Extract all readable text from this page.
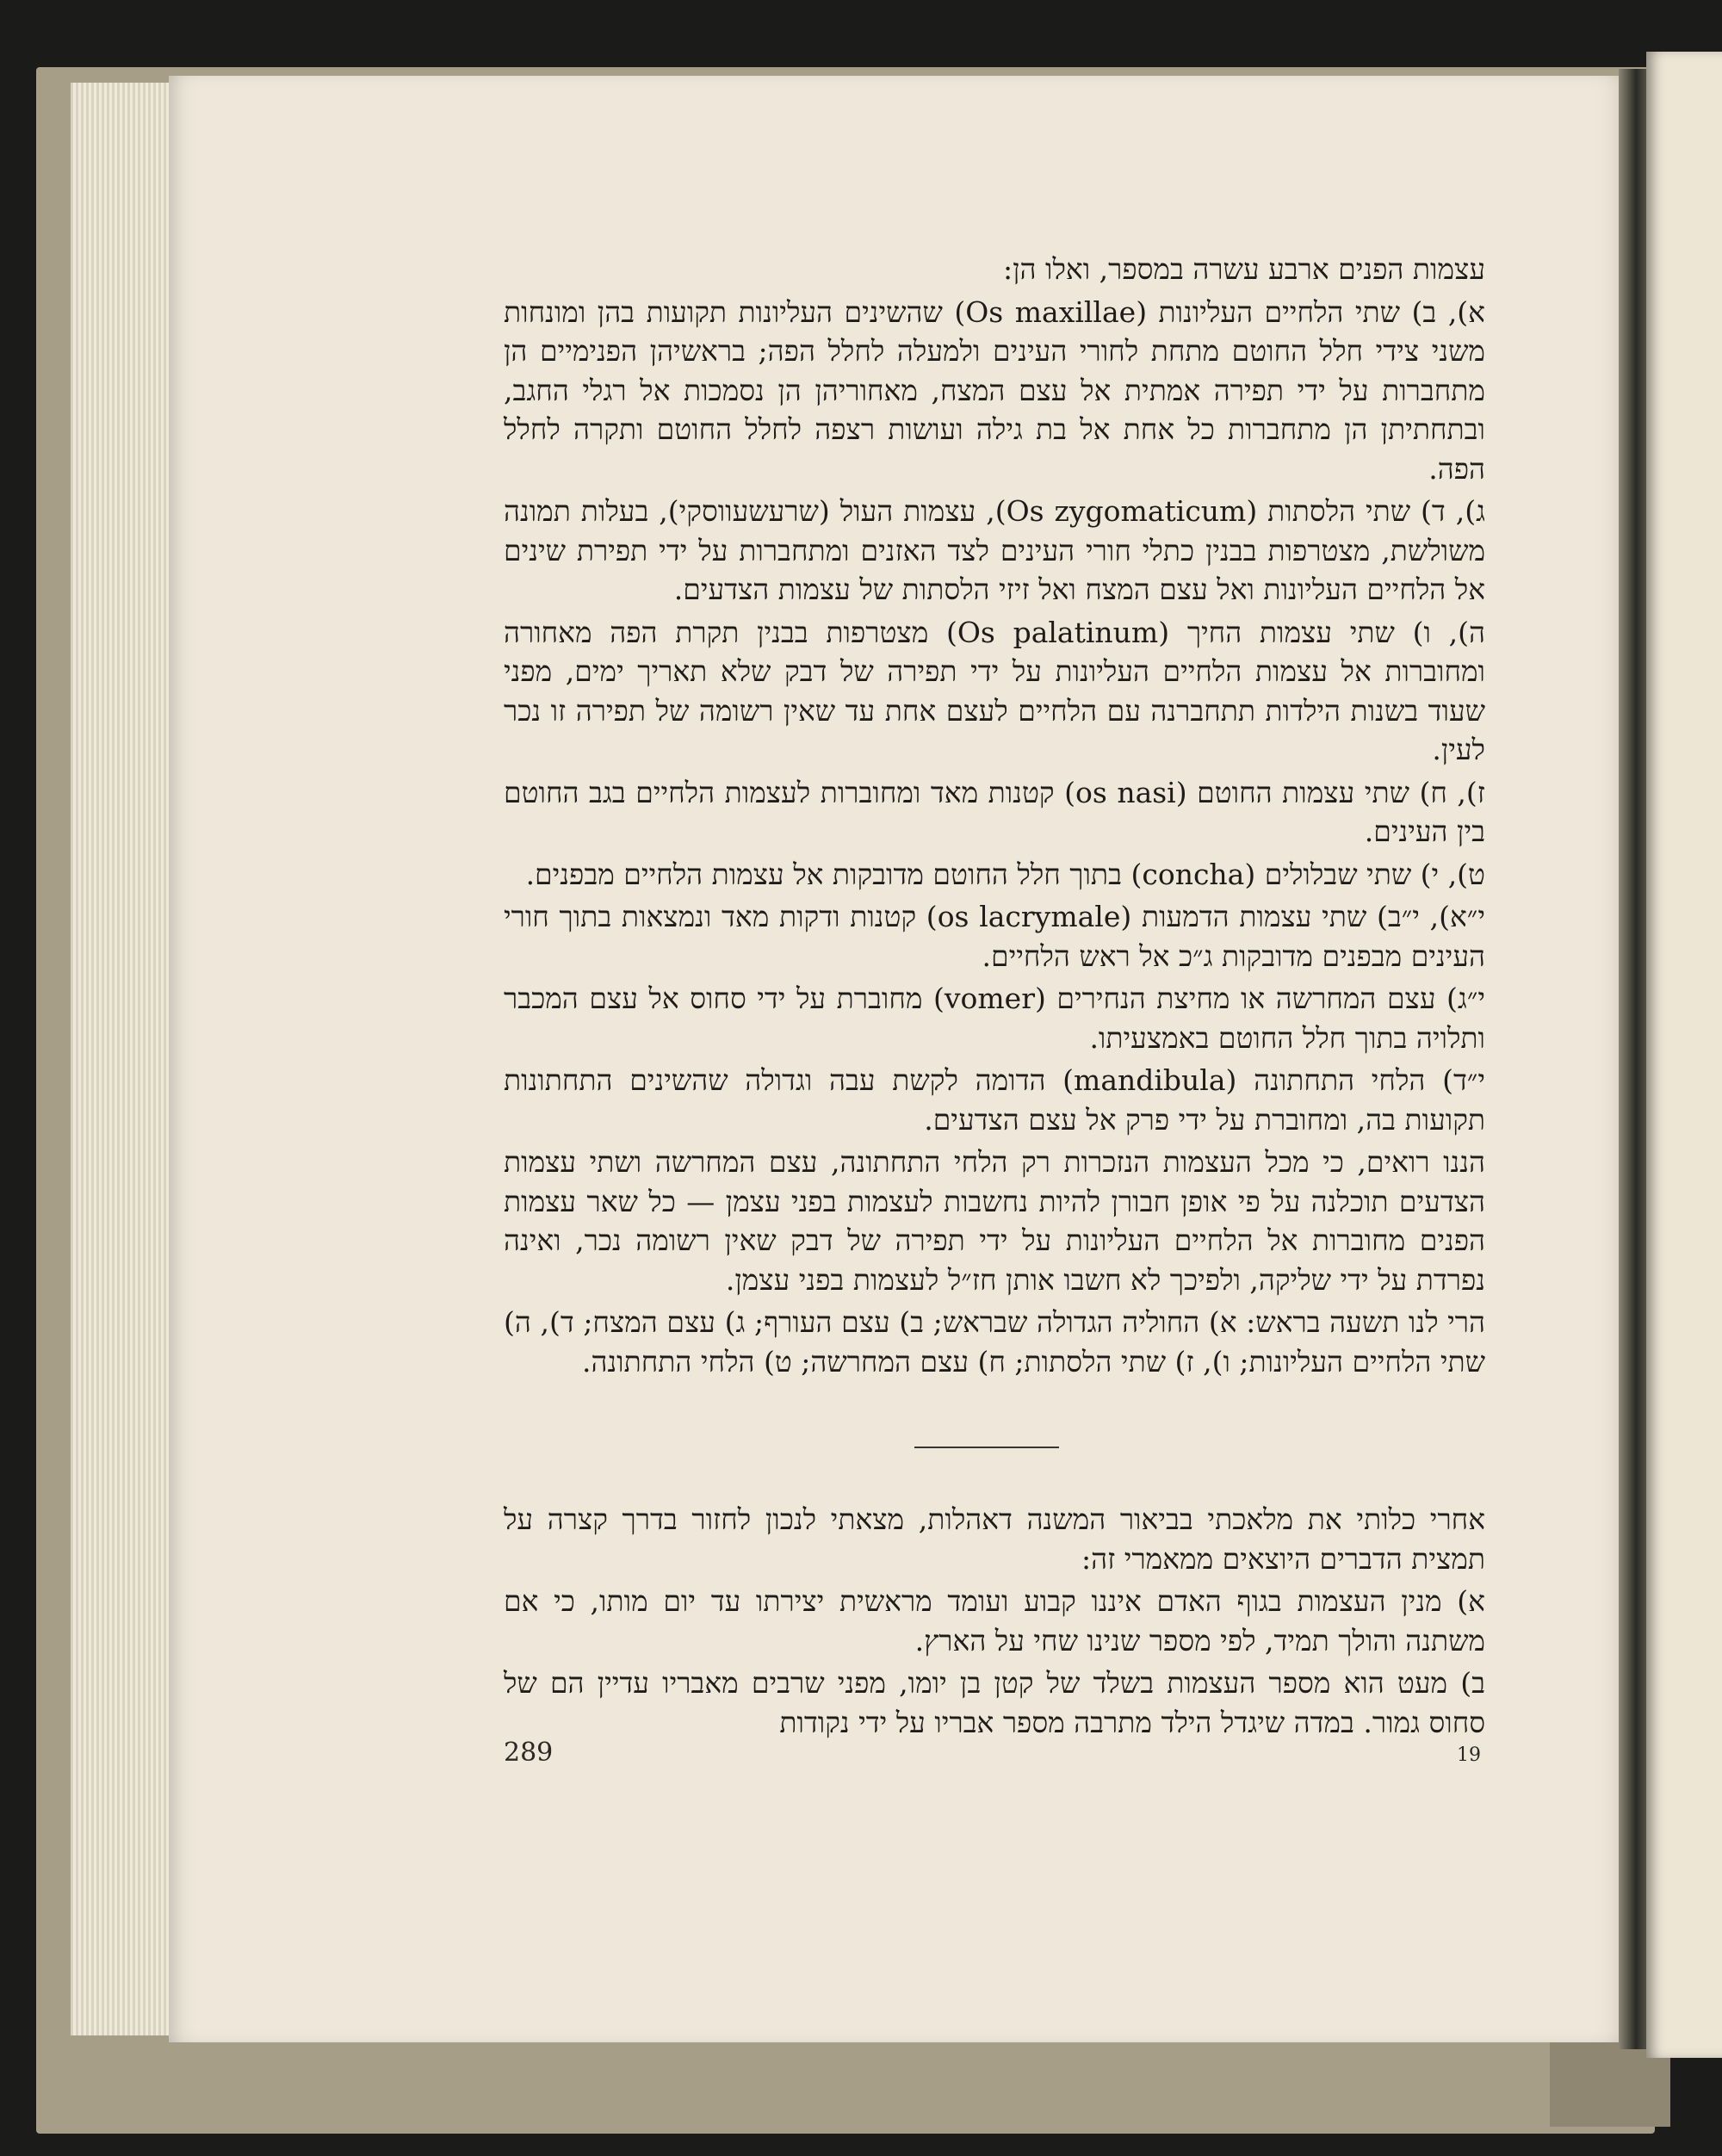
עצמות הפנים ארבע עשרה במספר, ואלו הן:

א), ב) שתי הלחיים העליונות (Os maxillae) שהשינים העליונות תקועות בהן ומונחות משני צידי חלל החוטם מתחת לחורי העינים ולמעלה לחלל הפה; בראשיהן הפנימיים הן מתחברות על ידי תפירה אמתית אל עצם המצח, מאחוריהן הן נסמכות אל רגלי החגב, ובתחתיתן הן מתחברות כל אחת אל בת גילה ועושות רצפה לחלל החוטם ותקרה לחלל הפה.

ג), ד) שתי הלסתות (Os zygomaticum), עצמות העול (שרעשעווסקי), בעלות תמונה משולשת, מצטרפות בבנין כתלי חורי העינים לצד האזנים ומתחברות על ידי תפירת שינים אל הלחיים העליונות ואל עצם המצח ואל זיזי הלסתות של עצמות הצדעים.

ה), ו) שתי עצמות החיך (Os palatinum) מצטרפות בבנין תקרת הפה מאחורה ומחוברות אל עצמות הלחיים העליונות על ידי תפירה של דבק שלא תאריך ימים, מפני שעוד בשנות הילדות תתחברנה עם הלחיים לעצם אחת עד שאין רשומה של תפירה זו נכר לעין.

ז), ח) שתי עצמות החוטם (os nasi) קטנות מאד ומחוברות לעצמות הלחיים בגב החוטם בין העינים.

ט), י) שתי שבלולים (concha) בתוך חלל החוטם מדובקות אל עצמות הלחיים מבפנים.

י״א), י״ב) שתי עצמות הדמעות (os lacrymale) קטנות ודקות מאד ונמצאות בתוך חורי העינים מבפנים מדובקות ג״כ אל ראש הלחיים.

י״ג) עצם המחרשה או מחיצת הנחירים (vomer) מחוברת על ידי סחוס אל עצם המכבר ותלויה בתוך חלל החוטם באמצעיתו.

י״ד) הלחי התחתונה (mandibula) הדומה לקשת עבה וגדולה שהשינים התחתונות תקועות בה, ומחוברת על ידי פרק אל עצם הצדעים.

הננו רואים, כי מכל העצמות הנזכרות רק הלחי התחתונה, עצם המחרשה ושתי עצמות הצדעים תוכלנה על פי אופן חבורן להיות נחשבות לעצמות בפני עצמן — כל שאר עצמות הפנים מחוברות אל הלחיים העליונות על ידי תפירה של דבק שאין רשומה נכר, ואינה נפרדת על ידי שליקה, ולפיכך לא חשבו אותן חז״ל לעצמות בפני עצמן.

הרי לנו תשעה בראש: א) החוליה הגדולה שבראש; ב) עצם העורף; ג) עצם המצח; ד), ה) שתי הלחיים העליונות; ו), ז) שתי הלסתות; ח) עצם המחרשה; ט) הלחי התחתונה.

אחרי כלותי את מלאכתי בביאור המשנה דאהלות, מצאתי לנכון לחזור בדרך קצרה על תמצית הדברים היוצאים ממאמרי זה:

א) מנין העצמות בגוף האדם איננו קבוע ועומד מראשית יצירתו עד יום מותו, כי אם משתנה והולך תמיד, לפי מספר שנינו שחי על הארץ.

ב) מעט הוא מספר העצמות בשלד של קטן בן יומו, מפני שרבים מאבריו עדיין הם של סחוס גמור. במדה שיגדל הילד מתרבה מספר אבריו על ידי נקודות

289	19
